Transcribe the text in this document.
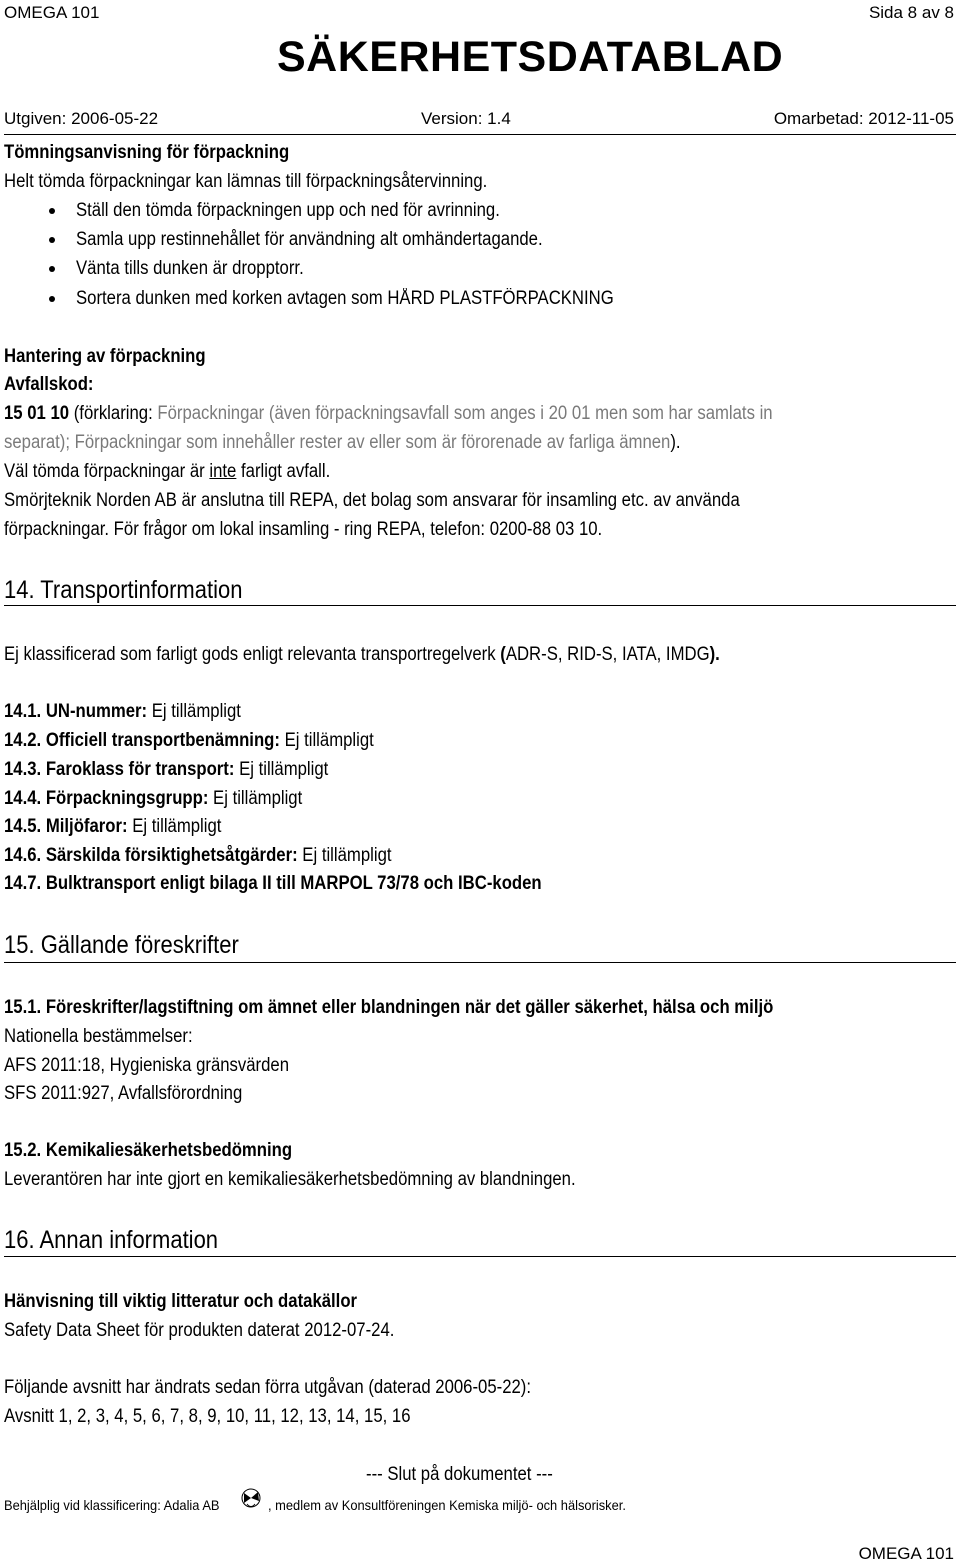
OMEGA 101	Sida 8 av 8
SÄKERHETSDATABLAD
Utgiven: 2006-05-22	Version: 1.4	Omarbetad: 2012-11-05
Tömningsanvisning för förpackning
Helt tömda förpackningar kan lämnas till förpackningsåtervinning.
Ställ den tömda förpackningen upp och ned för avrinning.
Samla upp restinnehållet för användning alt omhändertagande.
Vänta tills dunken är dropptorr.
Sortera dunken med korken avtagen som HÅRD PLASTFÖRPACKNING
Hantering av förpackning
Avfallskod:
15 01 10 (förklaring: Förpackningar (även förpackningsavfall som anges i 20 01 men som har samlats in
separat); Förpackningar som innehåller rester av eller som är förorenade av farliga ämnen).
Väl tömda förpackningar är inte farligt avfall.
Smörjteknik Norden AB är anslutna till REPA, det bolag som ansvarar för insamling etc. av använda
förpackningar. För frågor om lokal insamling - ring REPA, telefon: 0200-88 03 10.
14. Transportinformation
Ej klassificerad som farligt gods enligt relevanta transportregelverk (ADR-S, RID-S, IATA, IMDG).
14.1. UN-nummer: Ej tillämpligt
14.2. Officiell transportbenämning: Ej tillämpligt
14.3. Faroklass för transport: Ej tillämpligt
14.4. Förpackningsgrupp: Ej tillämpligt
14.5. Miljöfaror: Ej tillämpligt
14.6. Särskilda försiktighetsåtgärder: Ej tillämpligt
14.7. Bulktransport enligt bilaga II till MARPOL 73/78 och IBC-koden
15. Gällande föreskrifter
15.1. Föreskrifter/lagstiftning om ämnet eller blandningen när det gäller säkerhet, hälsa och miljö
Nationella bestämmelser:
AFS 2011:18, Hygieniska gränsvärden
SFS 2011:927, Avfallsförordning
15.2. Kemikaliesäkerhetsbedömning
Leverantören har inte gjort en kemikaliesäkerhetsbedömning av blandningen.
16. Annan information
Hänvisning till viktig litteratur och datakällor
Safety Data Sheet för produkten daterat 2012-07-24.
Följande avsnitt har ändrats sedan förra utgåvan (daterad 2006-05-22):
Avsnitt 1, 2, 3, 4, 5, 6, 7, 8, 9, 10, 11, 12, 13, 14, 15, 16
--- Slut på dokumentet ---
Behjälplig vid klassificering: Adalia AB	, medlem av Konsultföreningen Kemiska miljö- och hälsorisker.
OMEGA 101
